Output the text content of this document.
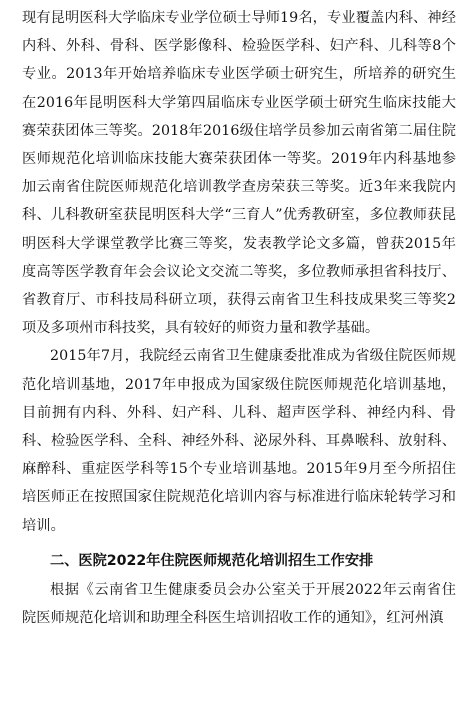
现有昆明医科大学临床专业学位硕士导师19名，专业覆盖内科、神经内科、外科、骨科、医学影像科、检验医学科、妇产科、儿科等8个专业。2013年开始培养临床专业医学硕士研究生，所培养的研究生在2016年昆明医科大学第四届临床专业医学硕士研究生临床技能大赛荣获团体三等奖。2018年2016级住培学员参加云南省第二届住院医师规范化培训临床技能大赛荣获团体一等奖。2019年内科基地参加云南省住院医师规范化培训教学查房荣获三等奖。近3年来我院内科、儿科教研室获昆明医科大学“三育人”优秀教研室，多位教师获昆明医科大学课堂教学比赛三等奖，发表教学论文多篇，曾获2015年度高等医学教育年会会议论文交流二等奖，多位教师承担省科技厅、省教育厅、市科技局科研立项，获得云南省卫生科技成果奖三等奖2项及多项州市科技奖，具有较好的师资力量和教学基础。

2015年7月，我院经云南省卫生健康委批准成为省级住院医师规范化培训基地，2017年申报成为国家级住院医师规范化培训基地，目前拥有内科、外科、妇产科、儿科、超声医学科、神经内科、骨科、检验医学科、全科、神经外科、泌尿外科、耳鼻喉科、放射科、麻醉科、重症医学科等15个专业培训基地。2015年9月至今所招住培医师正在按照国家住院规范化培训内容与标准进行临床轮转学习和培训。

二、医院2022年住院医师规范化培训招生工作安排

根据《云南省卫生健康委员会办公室关于开展2022年云南省住院医师规范化培训和助理全科医生培训招收工作的通知》，红河州滇
